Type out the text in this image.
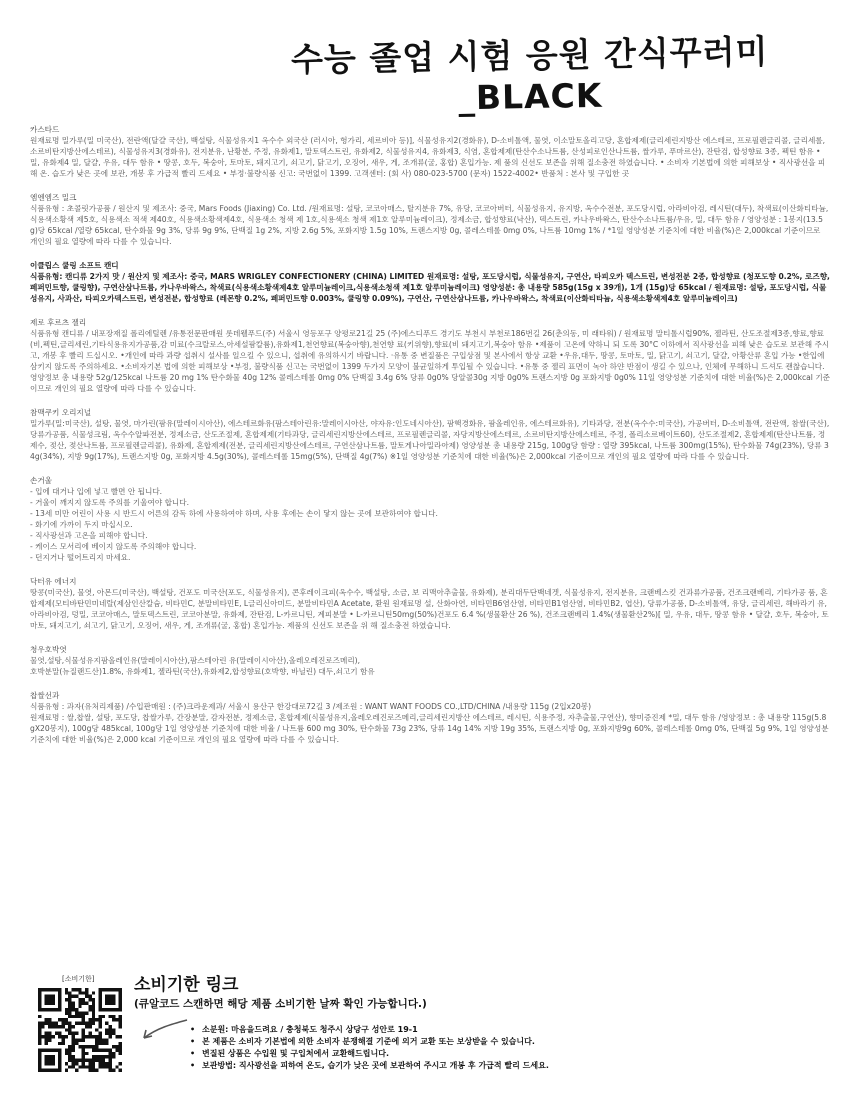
수능 졸업 시험 응원 간식꾸러미_BLACK
카스타드
원재료명 밀가루(밀 미국산), 전란액(달걀 국산), 백설탕, 식물성유지1 옥수수 외국산 (러시아, 헝가리, 세르비아 등)], 식물성유지2(경화유), D-소비톨액, 물엿, 이소말토올리고당, 혼합제제(글리세린지방산 에스테르, 프로필렌글리콜, 글리세롤, 소르비탄지방산에스테르), 식물성유지3(경화유), 전지분유, 난황분, 주정, 유화제1, 말토덱스트린, 유화제2, 식물성유지4, 유화제3, 식염, 혼합제제(탄산수소나트륨, 산성피로인산나트륨, 쌀가루, 푸마르산), 잔탄검, 합성향료 3종, 펙틴 함유 • 밀, 유화제4 밀, 달걀, 우유, 대두 함유 • 땅콩, 호두, 복숭아, 토마토, 돼지고기, 쇠고기, 닭고기, 오징어, 새우, 게, 조개류(굴, 홍합) 혼입가능. 제 품의 신선도 보존을 위해 질소충전 하였습니다. • 소비자 기본법에 의한 피해보상 • 직사광선을 피해 온. 습도가 낮은 곳에 보관, 개봉 후 가급적 빨리 드세요 • 부정·불량식품 신고: 국번없이 1399. 고객센터: (회 사) 080-023-5700 (문자) 1522-4002• 반품처 : 본사 및 구입한 곳
엠엔엠즈 밀크
식품유형 : 초콜릿가공품 / 원산지 및 제조사: 중국, Mars Foods (Jiaxing) Co. Ltd. /원재료명: 설탕, 코코아매스, 탈지분유 7%, 유당, 코코아버터, 식물성유지, 유지방, 옥수수전분, 포도당시럽, 아라비아검, 레시틴(대두), 착색료(이산화티타늄, 식용색소황색 제5호, 식용색소 적색 제40호, 식용색소황색제4호, 식용색소 청색 제 1호,식용색소 청색 제1호 알루미늄레이크), 정제소금, 합성향료(낙산), 덱스트린, 카나우바왁스, 탄산수소나트륨/우유, 밀, 대두 함유 / 영양성분 : 1봉지(13.5g)당 65kcal /열량 65kcal, 탄수화물 9g 3%, 당류 9g 9%, 단백질 1g 2%, 지방 2.6g 5%, 포화지방 1.5g 10%, 트랜스지방 0g, 콜레스테롤 0mg 0%, 나트륨 10mg 1% / *1일 영양성분 기준치에 대한 비율(%)은 2,000kcal 기준이므로 개인의 필요 열량에 따라 다를 수 있습니다.
이클립스 쿨링 소프트 캔디
식품유형: 캔디류 2가지 맛 / 원산지 및 제조사: 중국, MARS WRIGLEY CONFECTIONERY (CHINA) LIMITED 원재료명: 설탕, 포도당시럽, 식물성유지, 구연산, 타피오카 덱스트린, 변성전분 2종, 합성향료 (청포도향 0.2%, 로즈향, 페퍼민트향, 쿨링향), 구연산삼나트륨, 카나우바왁스, 착색료(식용색소황색제4호 알루미늄레이크,식용색소청색 제1호 알루미늄레이크) 영양성분: 총 내용량 585g(15g x 39개), 1개 (15g)당 65kcal / 원재료명: 설탕, 포도당시럽, 식물성유지, 사과산, 타피오카덱스트린, 변성전분, 합성향료 (레몬향 0.2%, 페퍼민트향 0.003%, 쿨링향 0.09%), 구연산, 구연산삼나트륨, 카나우바왁스, 착색료(이산화티타늄, 식용색소황색제4호 알루미늄레이크)
제로 후르츠 젤리
식품유형 캔디류 / 내포장재질 폴리에틸렌 /유통전문판매원 롯데웰푸드(주) 서울시 영등포구 양평로21길 25 (주)에스디푸드 경기도 부천시 부천로186번길 26(춘의동, 미 래타워) / 원재료명 말티톨시럽90%, 젤라틴, 산도조절제3종,향료,향료(비,펙틴,글리세린,기타식용유지가공품,감 미료(수크랄로스,아세설팜칼륨),유화제1,천연향료(복숭아향),천연향 료(키위향),향료(비 돼지고기,복숭아 함유 •제품이 고온에 약하니 되 도록 30°C 이하에서 직사광선을 피해 낮은 습도로 보관해 주시고, 개봉 후 빨리 드십시오. •개인에 따라 과량 섭취시 설사를 일으킬 수 있으니, 섭취에 유의하시기 바랍니다. ·유통 중 변질품은 구입상점 및 본사에서 항상 교환 •우유,대두, 땅콩, 토마토, 밀, 닭고기, 쇠고기, 달걀, 아황산류 혼입 가능 •한입에 삼키지 않도록 주의하세요. •소비자기본 법에 의한 피해보상 •부정, 불량식품 신고는 국번없이 1399 두가지 모양이 불균일하게 투입될 수 있습니다. •유통 중 젤리 표면이 녹아 하얀 반점이 생길 수 있으나, 인체에 무해하니 드셔도 괜찮습니다. 영양정보 총 내용량 52g/125kcal 나트륨 20 mg 1% 탄수화물 40g 12% 콜레스테롤 0mg 0% 단백질 3.4g 6% 당류 0g0% 당알콜30g 지방 0g0% 트랜스지방 0g 포화지방 0g0% 11일 영양성분 기준치에 대한 비율(%)은 2,000kcal 기준이므로 개인의 필요 열량에 따라 다를 수 있습니다.
참맥쿠키 오리지널
밀가루(밀:미국산), 설탕, 물엿, 마가린(팜유(말레이시아산), 에스테르화유(팜스테아린유:말레이시아산, 야자유:인도네시아산), 팜핵경화유, 팜올레인유, 에스테르화유), 기타과당, 전분(옥수수:미국산), 가공버터, D-소비톨액, 전란액, 참쌀(국산), 당류가공품, 식물성크림, 옥수수알파전분, 정제소금, 산도조절제, 혼합제제(기타과당, 글리세린지방산에스테르, 프로필렌글리콜, 자당지방산에스테르, 소르비탄지방산에스테르, 주정, 폴리소르베이트60), 산도조절제2, 혼합제제(탄산나트륨, 정제수, 젖산, 젖산나트륨, 프로필렌글리콜), 유화제, 혼합제제(전분, 글리세린지방산에스테르, 구연산삼나트륨, 말토게나아밀라아제) 영양성분 총 내용량 215g, 100g당 함량 : 열량 395kcal, 나트륨 300mg(15%), 탄수화물 74g(23%), 당류 34g(34%), 지방 9g(17%), 트랜스지방 0g, 포화지방 4.5g(30%), 콜레스테롤 15mg(5%), 단백질 4g(7%) ※1일 영양성분 기준치에 대한 비율(%)은 2,000kcal 기준이므로 개인의 필요 열량에 따라 다를 수 있습니다.
손거울
- 입에 대거나 입에 넣고 빨면 안 됩니다.
- 거울이 깨지지 않도록 주의를 기울여야 합니다.
- 13세 미만 어린이 사용 시 반드시 어른의 감독 하에 사용하여야 하며, 사용 후에는 손이 닿지 않는 곳에 보관하여야 합니다.
- 화기에 가까이 두지 마십시오.
- 직사광선과 고온을 피해야 합니다.
- 케이스 모서리에 베이지 않도록 주의해야 합니다.
- 던지거나 떨어트리지 마세요.
닥터유 에너지
땅콩(미국산), 물엿, 아몬드(미국산), 백설탕, 건포도 미국산(포도, 식물성유지), 콘후레이크피(옥수수, 백설탕, 소금, 보 리맥아추출물, 유화제), 분리대두단백네겟, 식물성유지, 전지분유, 크랜베스킷 건과류가공품, 건조크랜베리, 기타가공 품, 혼합제제(모티바탄민미네랄(제삼인산칼슘, 비타민C, 분말비타민E, L글리신아미드, 분말비타민A Acetate, 환원 원재료명 설, 산화아연, 비타민B6염산염, 비타민B1염산염, 비타민B2, 엽산), 당류가공품, D-소비톨액, 유당, 글리세린, 해바라기 유, 아라비아검, 덩밀, 코코아매스, 말토덱스트린, 코코아분말, 유화제, 잔탄검, L-카르니틴, 계피분말 • L-카르니틴50mg(50%)건포도 6.4 %(생물환산 26 %), 건조크랜베리 1.4%(생물환산2%)[ 밀, 우유, 대두, 땅콩 함유 • 달걀, 호두, 복숭아, 토마토, 돼지고기, 쇠고기, 닭고기, 오징어, 새우, 게, 조개류(굴, 홍합) 혼입가능. 제품의 신선도 보존을 위 해 질소충전 하였습니다.
청우호박엿
물엿,설탕,식물성유지팜올레인유(말레이시아산),팜스테아린 유(말레이시아산),올레오레진로즈메리),
호박분말(뉴질랜드산)1.8%, 유화제1, 젤라틴(국산),유화제2,합성향료(호박향, 바닐린) 대두,쇠고기 함유
찹쌀선과
식품유형 : 과자(유처리제품) /수입판매원 : (주)크라운제과/ 서울시 용산구 한강대로72길 3 /제조원 : WANT WANT FOODS CO.,LTD/CHINA /내용량 115g (2입x20봉)
원재료명 : 쌀,찹쌀, 설탕, 포도당, 찹쌀가루, 간장분말, 감자전분, 정제소금, 혼합제제(식물성유지,올레오레진로즈메리,글리세린지방산 에스테르, 레시틴, 식용주정, 자추출물,구연산), 향미증진제 *밀, 대두 함유 /영양정보 : 총 내용량 115g(5.8gX20봉지), 100g당 485kcal, 100g당 1일 영양성분 기준치에 대한 비율 / 나트륨 600 mg 30%, 탄수화물 73g 23%, 당류 14g 14% 지방 19g 35%, 트랜스지방 0g, 포화지방9g 60%, 콜레스테롤 0mg 0%, 단백질 5g 9%, 1일 영양성분 기준치에 대한 비율(%)은 2,000 kcal 기준이므로 개인의 필요 열량에 따라 다를 수 있습니다.
[소비기한] 소비기한 링크
(큐알코드 스캔하면 해당 제품 소비기한 날짜 확인 가능합니다.)
• 소분원: 마음을드려요 / 충청북도 청주시 상당구 성안로 19-1
• 본 제품은 소비자 기본법에 의한 소비자 분쟁해결 기준에 의거 교환 또는 보상받을 수 있습니다.
• 변질된 상품은 수입원 및 구입처에서 교환해드립니다.
• 보관방법: 직사광선을 피하여 온도, 습기가 낮은 곳에 보관하여 주시고 개봉 후 가급적 빨리 드세요.
